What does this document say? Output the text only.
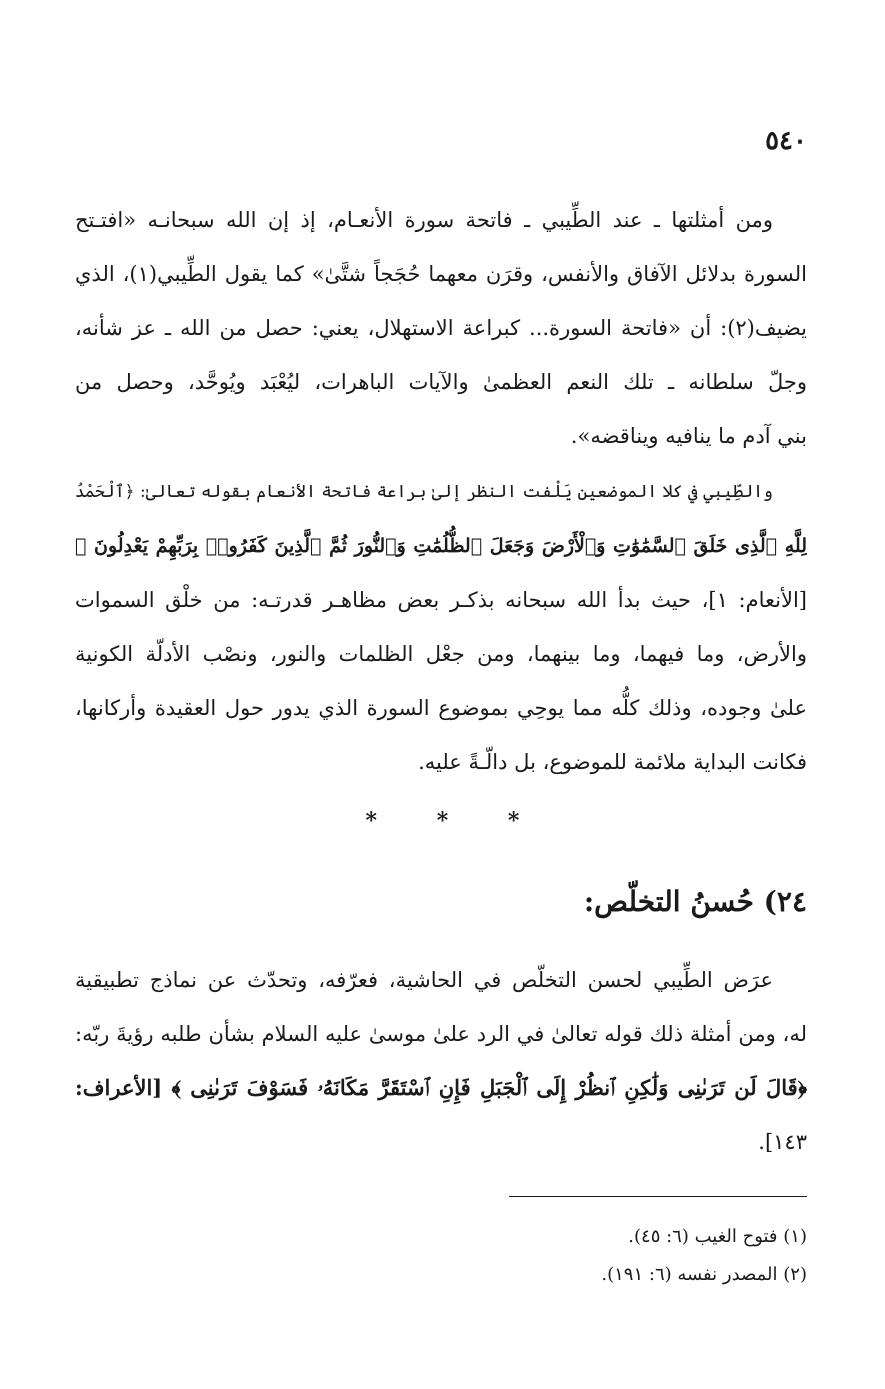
٥٤٠
ومن أمثلتها ـ عند الطِّيبي ـ فاتحة سورة الأنعـام، إذ إن الله سبحانـه «افتـتح
السورة بدلائل الآفاق والأنفس، وقرَن معهما حُجَجاً شتَّىٰ» كما يقول الطِّيبي(١)، الذي
يضيف(٢): أن «فاتحة السورة... كبراعة الاستهلال، يعني: حصل من الله ـ عز شأنه،
وجلّ سلطانه ـ تلك النعم العظمىٰ والآيات الباهرات، ليُعْبَد ويُوحَّد، وحصل من
بني آدم ما ينافيه ويناقضه».
والطِّيبي في كلا الموضعين يَلْفت النظر إلىٰ براعة فاتحة الأنعام بقوله تعالىٰ: ﴿ٱلْحَمْدُ
لِلَّهِ ٱلَّذِى خَلَقَ ٱلسَّمَٰوَٰتِ وَٱلْأَرْضَ وَجَعَلَ ٱلظُّلُمَٰتِ وَٱلنُّورَ ثُمَّ ٱلَّذِينَ كَفَرُوا۟ بِرَبِّهِمْ يَعْدِلُونَ ﴾
[الأنعام: ١]، حيث بدأ الله سبحانه بذكـر بعض مظاهـر قدرتـه: من خلْق السموات
والأرض، وما فيهما، وما بينهما، ومن جعْل الظلمات والنور، ونصْب الأدلّة الكونية
علىٰ وجوده، وذلك كلُّه مما يوحِي بموضوع السورة الذي يدور حول العقيدة وأركانها،
فكانت البداية ملائمة للموضوع، بل دالّـةً عليه.
*	*	*
٢٤) حُسنُ التخلّص:
عرَض الطِّيبي لحسن التخلّص في الحاشية، فعرّفه، وتحدّث عن نماذج تطبيقية
له، ومن أمثلة ذلك قوله تعالىٰ في الرد علىٰ موسىٰ عليه السلام بشأن طلبه رؤيةَ ربّه:
﴿قَالَ لَن تَرَىٰنِى وَلَٰكِنِ ٱنظُرْ إِلَى ٱلْجَبَلِ فَإِنِ ٱسْتَقَرَّ مَكَانَهُۥ فَسَوْفَ تَرَىٰنِى ﴾ [الأعراف:
١٤٣].
(١) فتوح الغيب (٦: ٤٥).
(٢) المصدر نفسه (٦: ١٩١).
